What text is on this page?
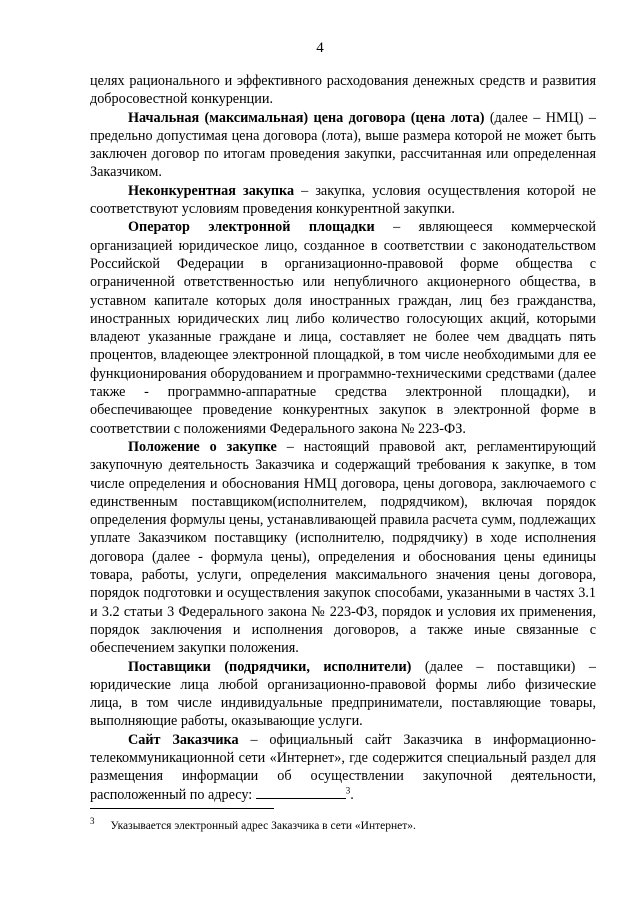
4

целях рационального и эффективного расходования денежных средств и развития добросовестной конкуренции.

Начальная (максимальная) цена договора (цена лота) (далее – НМЦ) – предельно допустимая цена договора (лота), выше размера которой не может быть заключен договор по итогам проведения закупки, рассчитанная или определенная Заказчиком.

Неконкурентная закупка – закупка, условия осуществления которой не соответствуют условиям проведения конкурентной закупки.

Оператор электронной площадки – являющееся коммерческой организацией юридическое лицо, созданное в соответствии с законодательством Российской Федерации в организационно-правовой форме общества с ограниченной ответственностью или непубличного акционерного общества, в уставном капитале которых доля иностранных граждан, лиц без гражданства, иностранных юридических лиц либо количество голосующих акций, которыми владеют указанные граждане и лица, составляет не более чем двадцать пять процентов, владеющее электронной площадкой, в том числе необходимыми для ее функционирования оборудованием и программно-техническими средствами (далее также - программно-аппаратные средства электронной площадки), и обеспечивающее проведение конкурентных закупок в электронной форме в соответствии с положениями Федерального закона № 223-ФЗ.

Положение о закупке – настоящий правовой акт, регламентирующий закупочную деятельность Заказчика и содержащий требования к закупке, в том числе определения и обоснования НМЦ договора, цены договора, заключаемого с единственным поставщиком(исполнителем, подрядчиком), включая порядок определения формулы цены, устанавливающей правила расчета сумм, подлежащих уплате Заказчиком поставщику (исполнителю, подрядчику) в ходе исполнения договора (далее - формула цены), определения и обоснования цены единицы товара, работы, услуги, определения максимального значения цены договора, порядок подготовки и осуществления закупок способами, указанными в частях 3.1 и 3.2 статьи 3 Федерального закона № 223-ФЗ, порядок и условия их применения, порядок заключения и исполнения договоров, а также иные связанные с обеспечением закупки положения.

Поставщики (подрядчики, исполнители) (далее – поставщики) – юридические лица любой организационно-правовой формы либо физические лица, в том числе индивидуальные предприниматели, поставляющие товары, выполняющие работы, оказывающие услуги.

Сайт Заказчика – официальный сайт Заказчика в информационно-телекоммуникационной сети «Интернет», где содержится специальный раздел для размещения информации об осуществлении закупочной деятельности, расположенный по адресу:	$^3$.

$^3$ Указывается электронный адрес Заказчика в сети «Интернет».
